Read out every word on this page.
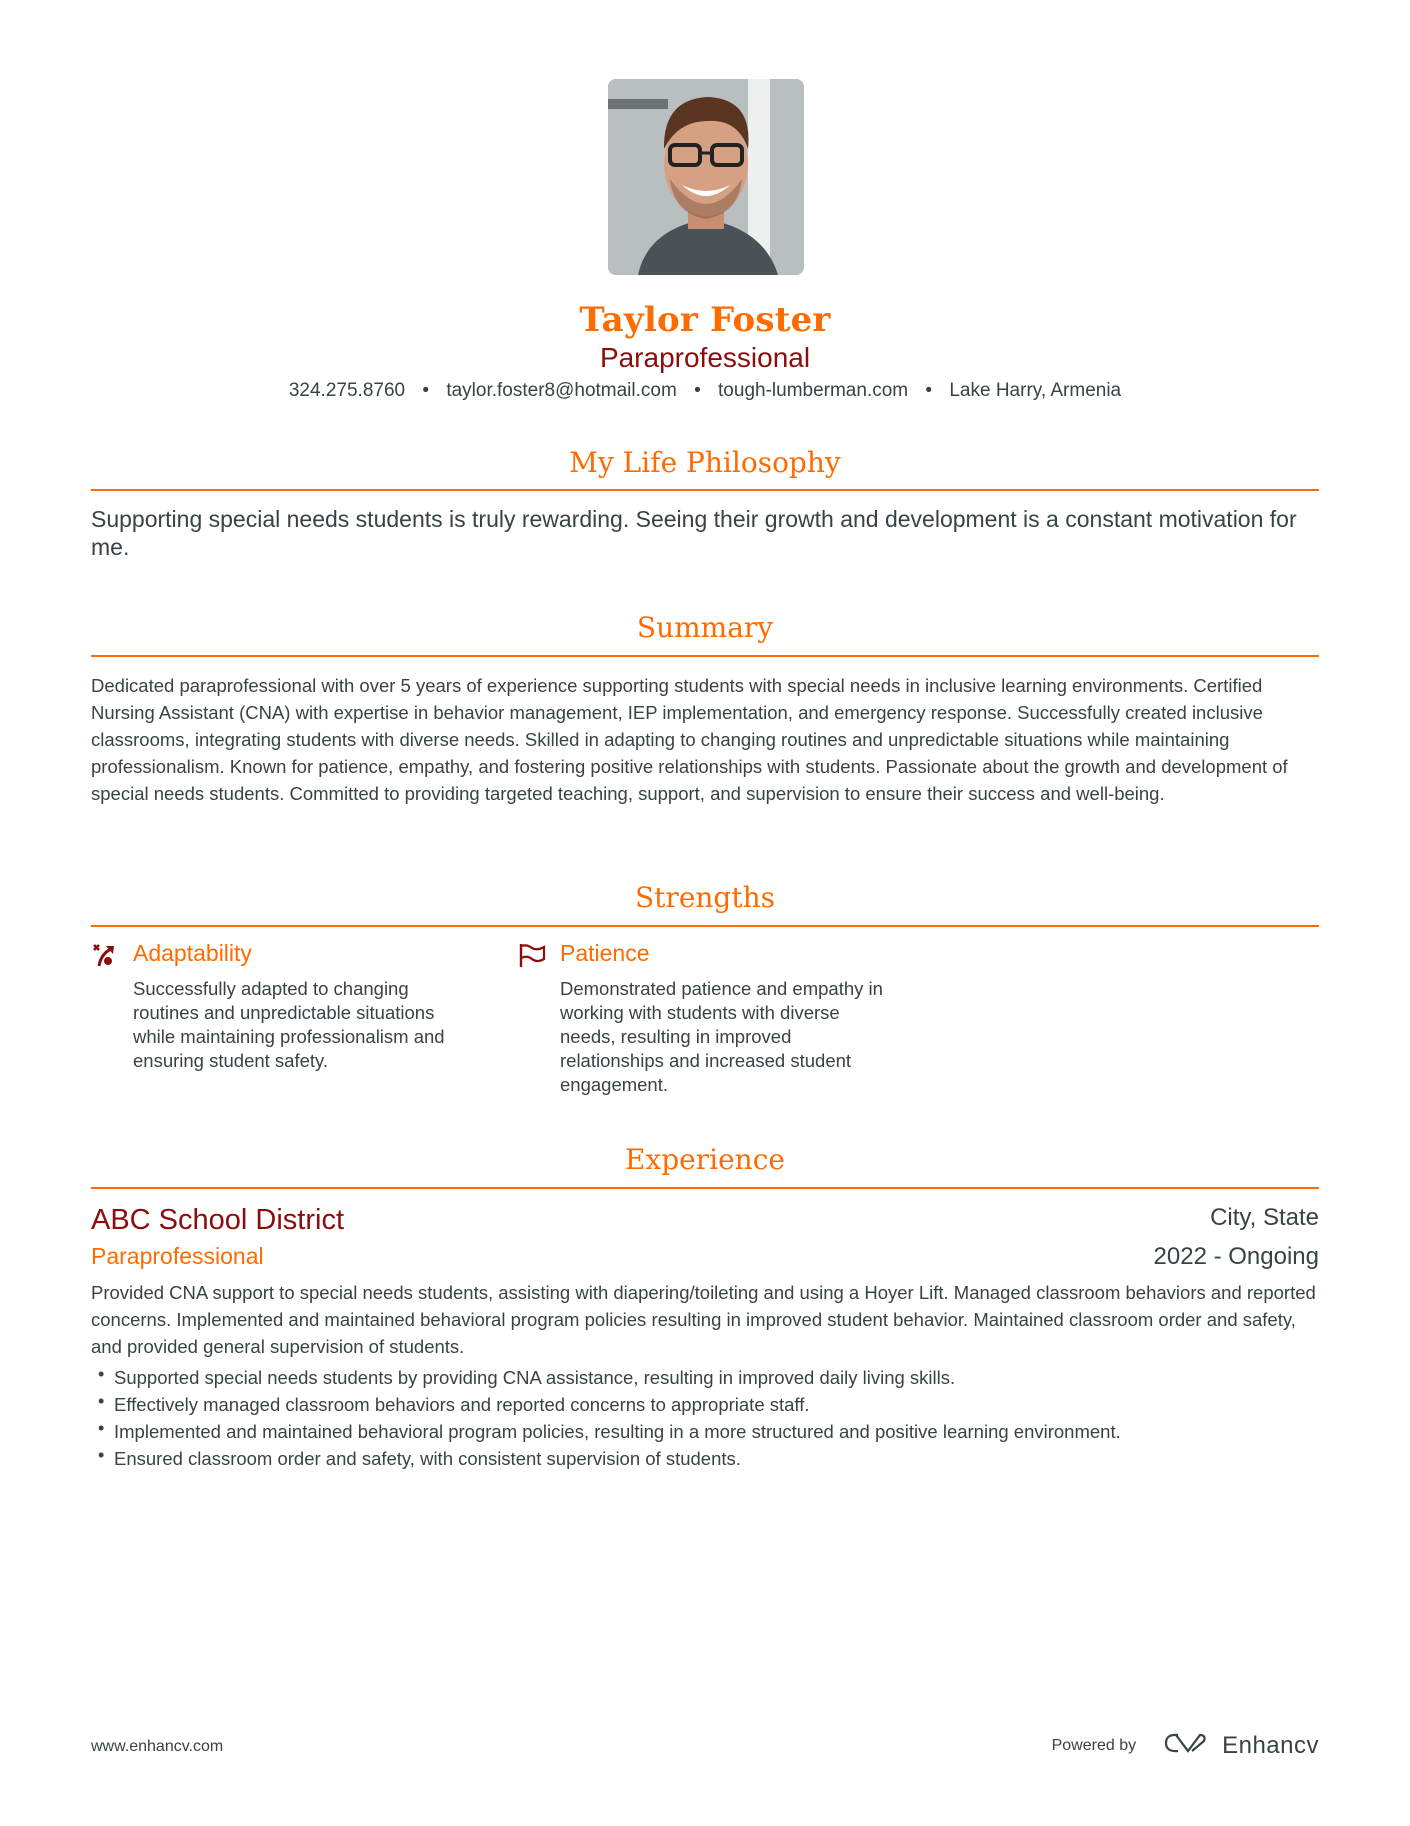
Taylor Foster
Paraprofessional
324.275.8760 • taylor.foster8@hotmail.com • tough-lumberman.com • Lake Harry, Armenia
My Life Philosophy
Supporting special needs students is truly rewarding. Seeing their growth and development is a constant motivation for me.
Summary
Dedicated paraprofessional with over 5 years of experience supporting students with special needs in inclusive learning environments. Certified Nursing Assistant (CNA) with expertise in behavior management, IEP implementation, and emergency response. Successfully created inclusive classrooms, integrating students with diverse needs. Skilled in adapting to changing routines and unpredictable situations while maintaining professionalism. Known for patience, empathy, and fostering positive relationships with students. Passionate about the growth and development of special needs students. Committed to providing targeted teaching, support, and supervision to ensure their success and well-being.
Strengths
Adaptability
Successfully adapted to changing routines and unpredictable situations while maintaining professionalism and ensuring student safety.
Patience
Demonstrated patience and empathy in working with students with diverse needs, resulting in improved relationships and increased student engagement.
Experience
ABC School District	City, State
Paraprofessional	2022 - Ongoing
Provided CNA support to special needs students, assisting with diapering/toileting and using a Hoyer Lift. Managed classroom behaviors and reported concerns. Implemented and maintained behavioral program policies resulting in improved student behavior. Maintained classroom order and safety, and provided general supervision of students.
• Supported special needs students by providing CNA assistance, resulting in improved daily living skills.
• Effectively managed classroom behaviors and reported concerns to appropriate staff.
• Implemented and maintained behavioral program policies, resulting in a more structured and positive learning environment.
• Ensured classroom order and safety, with consistent supervision of students.
www.enhancv.com	Powered by	Enhancv
